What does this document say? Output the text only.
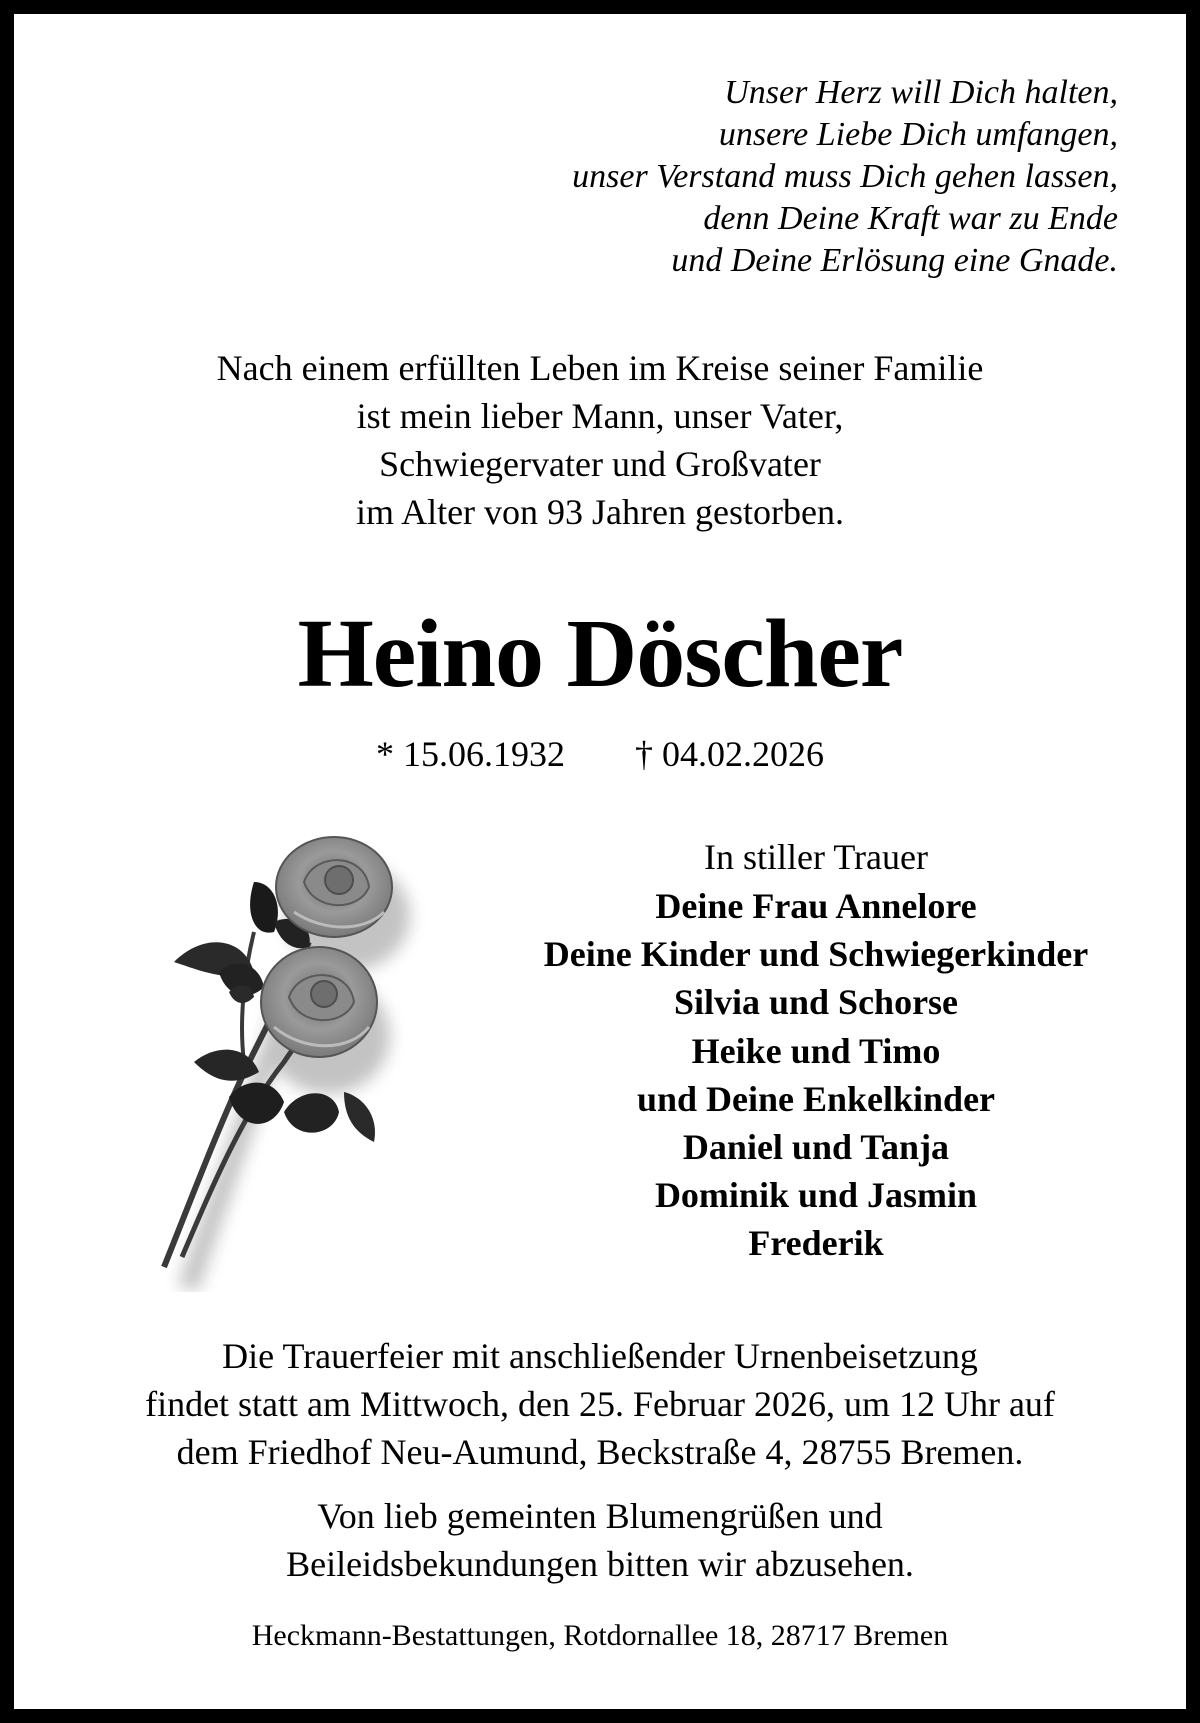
Unser Herz will Dich halten,
unsere Liebe Dich umfangen,
unser Verstand muss Dich gehen lassen,
denn Deine Kraft war zu Ende
und Deine Erlösung eine Gnade.
Nach einem erfüllten Leben im Kreise seiner Familie
ist mein lieber Mann, unser Vater,
Schwiegervater und Großvater
im Alter von 93 Jahren gestorben.
Heino Döscher
* 15.06.1932 † 04.02.2026
In stiller Trauer
Deine Frau Annelore
Deine Kinder und Schwiegerkinder
Silvia und Schorse
Heike und Timo
und Deine Enkelkinder
Daniel und Tanja
Dominik und Jasmin
Frederik
Die Trauerfeier mit anschließender Urnenbeisetzung
findet statt am Mittwoch, den 25. Februar 2026, um 12 Uhr auf
dem Friedhof Neu-Aumund, Beckstraße 4, 28755 Bremen.
Von lieb gemeinten Blumengrüßen und
Beileidsbekundungen bitten wir abzusehen.
Heckmann-Bestattungen, Rotdornallee 18, 28717 Bremen
